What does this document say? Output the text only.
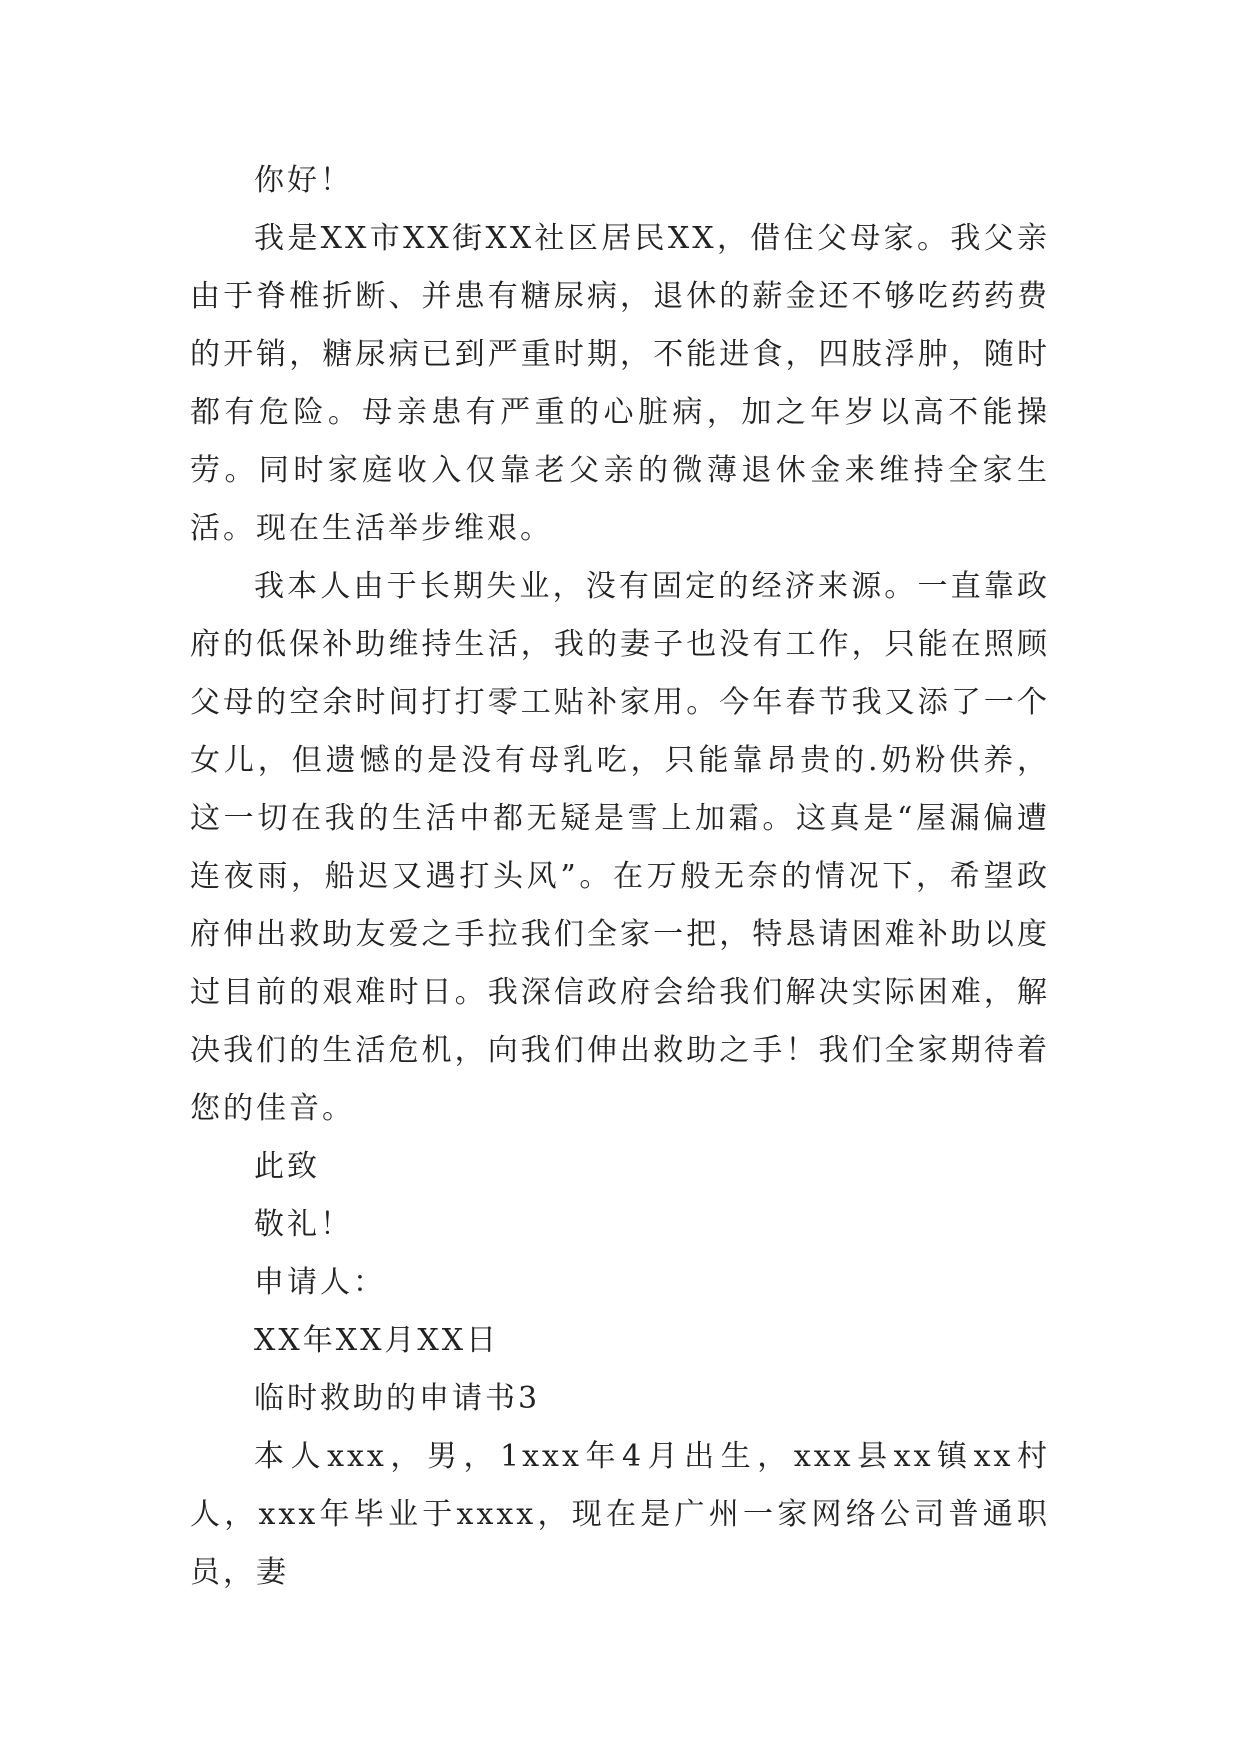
你好！

我是XX市XX街XX社区居民XX，借住父母家。我父亲由于脊椎折断、并患有糖尿病，退休的薪金还不够吃药药费的开销，糖尿病已到严重时期，不能进食，四肢浮肿，随时都有危险。母亲患有严重的心脏病，加之年岁以高不能操劳。同时家庭收入仅靠老父亲的微薄退休金来维持全家生活。现在生活举步维艰。

我本人由于长期失业，没有固定的经济来源。一直靠政府的低保补助维持生活，我的妻子也没有工作，只能在照顾父母的空余时间打打零工贴补家用。今年春节我又添了一个女儿，但遗憾的是没有母乳吃，只能靠昂贵的.奶粉供养，这一切在我的生活中都无疑是雪上加霜。这真是“屋漏偏遭连夜雨，船迟又遇打头风”。在万般无奈的情况下，希望政府伸出救助友爱之手拉我们全家一把，特恳请困难补助以度过目前的艰难时日。我深信政府会给我们解决实际困难，解决我们的生活危机，向我们伸出救助之手！我们全家期待着您的佳音。

此致

敬礼！

申请人：

XX年XX月XX日

临时救助的申请书3

本人xxx，男，1xxx年4月出生，xxx县xx镇xx村人，xxx年毕业于xxxx，现在是广州一家网络公司普通职员，妻
